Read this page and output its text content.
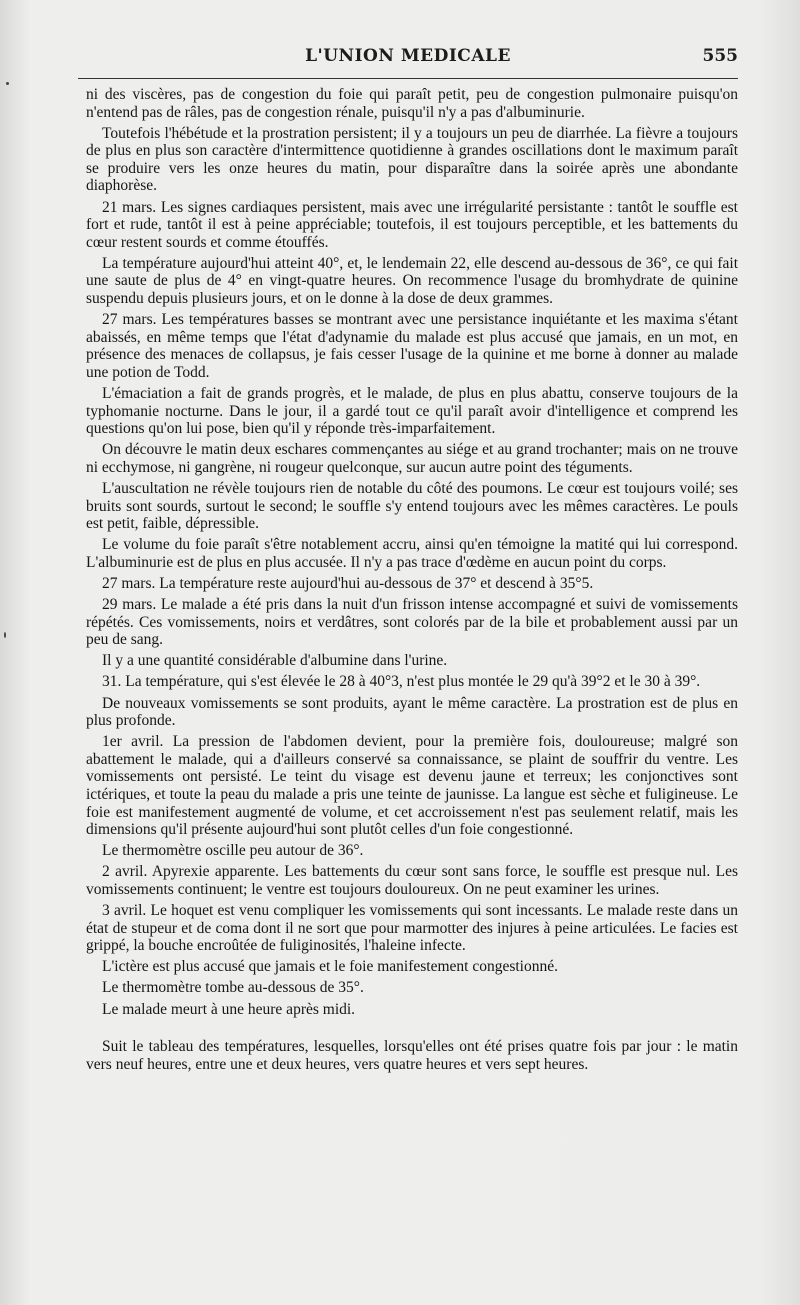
L'UNION MEDICALE	555

ni des viscères, pas de congestion du foie qui paraît petit, peu de congestion pulmonaire puisqu'on n'entend pas de râles, pas de congestion rénale, puisqu'il n'y a pas d'albuminurie.

Toutefois l'hébétude et la prostration persistent; il y a toujours un peu de diarrhée. La fièvre a toujours de plus en plus son caractère d'intermittence quotidienne à grandes oscillations dont le maximum paraît se produire vers les onze heures du matin, pour disparaître dans la soirée après une abondante diaphorèse.

21 mars. Les signes cardiaques persistent, mais avec une irrégularité persistante : tantôt le souffle est fort et rude, tantôt il est à peine appréciable; toutefois, il est toujours perceptible, et les battements du cœur restent sourds et comme étouffés.

La température aujourd'hui atteint 40°, et, le lendemain 22, elle descend au-dessous de 36°, ce qui fait une saute de plus de 4° en vingt-quatre heures. On recommence l'usage du bromhydrate de quinine suspendu depuis plusieurs jours, et on le donne à la dose de deux grammes.

27 mars. Les températures basses se montrant avec une persistance inquiétante et les maxima s'étant abaissés, en même temps que l'état d'adynamie du malade est plus accusé que jamais, en un mot, en présence des menaces de collapsus, je fais cesser l'usage de la quinine et me borne à donner au malade une potion de Todd.

L'émaciation a fait de grands progrès, et le malade, de plus en plus abattu, conserve toujours de la typhomanie nocturne. Dans le jour, il a gardé tout ce qu'il paraît avoir d'intelligence et comprend les questions qu'on lui pose, bien qu'il y réponde très-imparfaitement.

On découvre le matin deux eschares commençantes au siége et au grand trochanter; mais on ne trouve ni ecchymose, ni gangrène, ni rougeur quelconque, sur aucun autre point des téguments.

L'auscultation ne révèle toujours rien de notable du côté des poumons. Le cœur est toujours voilé; ses bruits sont sourds, surtout le second; le souffle s'y entend toujours avec les mêmes caractères. Le pouls est petit, faible, dépressible.

Le volume du foie paraît s'être notablement accru, ainsi qu'en témoigne la matité qui lui correspond. L'albuminurie est de plus en plus accusée. Il n'y a pas trace d'œdème en aucun point du corps.

27 mars. La température reste aujourd'hui au-dessous de 37° et descend à 35°5.

29 mars. Le malade a été pris dans la nuit d'un frisson intense accompagné et suivi de vomissements répétés. Ces vomissements, noirs et verdâtres, sont colorés par de la bile et probablement aussi par un peu de sang.

Il y a une quantité considérable d'albumine dans l'urine.

31. La température, qui s'est élevée le 28 à 40°3, n'est plus montée le 29 qu'à 39°2 et le 30 à 39°.

De nouveaux vomissements se sont produits, ayant le même caractère. La prostration est de plus en plus profonde.

1er avril. La pression de l'abdomen devient, pour la première fois, douloureuse; malgré son abattement le malade, qui a d'ailleurs conservé sa connaissance, se plaint de souffrir du ventre. Les vomissements ont persisté. Le teint du visage est devenu jaune et terreux; les conjonctives sont ictériques, et toute la peau du malade a pris une teinte de jaunisse. La langue est sèche et fuligineuse. Le foie est manifestement augmenté de volume, et cet accroissement n'est pas seulement relatif, mais les dimensions qu'il présente aujourd'hui sont plutôt celles d'un foie congestionné.

Le thermomètre oscille peu autour de 36°.

2 avril. Apyrexie apparente. Les battements du cœur sont sans force, le souffle est presque nul. Les vomissements continuent; le ventre est toujours douloureux. On ne peut examiner les urines.

3 avril. Le hoquet est venu compliquer les vomissements qui sont incessants. Le malade reste dans un état de stupeur et de coma dont il ne sort que pour marmotter des injures à peine articulées. Le facies est grippé, la bouche encroûtée de fuliginosités, l'haleine infecte.

L'ictère est plus accusé que jamais et le foie manifestement congestionné.

Le thermomètre tombe au-dessous de 35°.

Le malade meurt à une heure après midi.

Suit le tableau des températures, lesquelles, lorsqu'elles ont été prises quatre fois par jour : le matin vers neuf heures, entre une et deux heures, vers quatre heures et vers sept heures.
